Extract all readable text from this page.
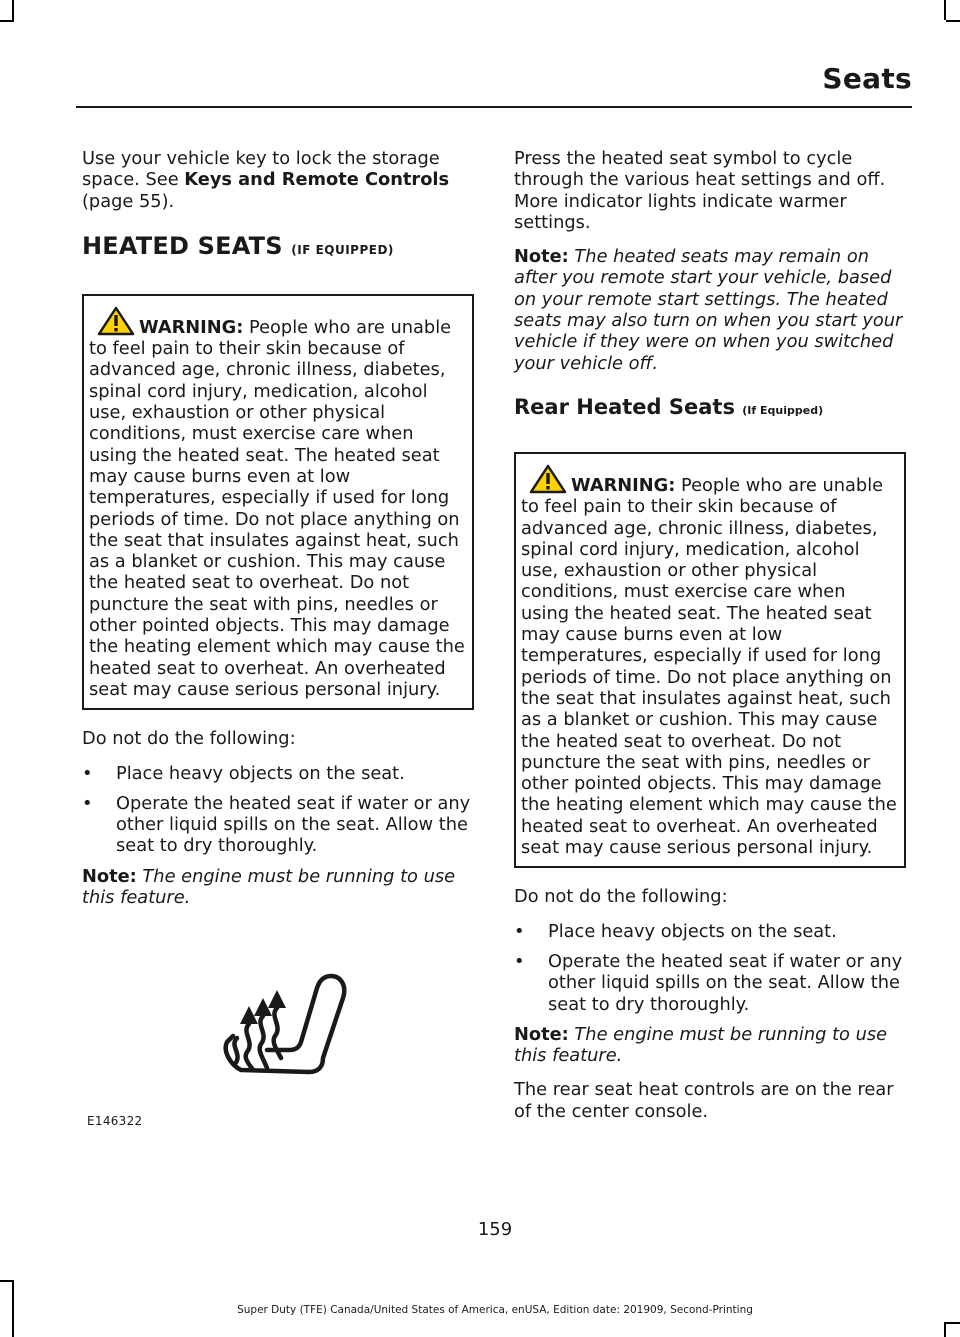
Seats

Use your vehicle key to lock the storage space. See Keys and Remote Controls (page 55).

HEATED SEATS (IF EQUIPPED)
WARNING: People who are unable to feel pain to their skin because of advanced age, chronic illness, diabetes, spinal cord injury, medication, alcohol use, exhaustion or other physical conditions, must exercise care when using the heated seat. The heated seat may cause burns even at low temperatures, especially if used for long periods of time. Do not place anything on the seat that insulates against heat, such as a blanket or cushion. This may cause the heated seat to overheat. Do not puncture the seat with pins, needles or other pointed objects. This may damage the heating element which may cause the heated seat to overheat. An overheated seat may cause serious personal injury.

Do not do the following:

• Place heavy objects on the seat.
• Operate the heated seat if water or any other liquid spills on the seat. Allow the seat to dry thoroughly.

Note: The engine must be running to use this feature.

E146322

Press the heated seat symbol to cycle through the various heat settings and off. More indicator lights indicate warmer settings.

Note: The heated seats may remain on after you remote start your vehicle, based on your remote start settings. The heated seats may also turn on when you start your vehicle if they were on when you switched your vehicle off.

Rear Heated Seats (If Equipped)
WARNING: People who are unable to feel pain to their skin because of advanced age, chronic illness, diabetes, spinal cord injury, medication, alcohol use, exhaustion or other physical conditions, must exercise care when using the heated seat. The heated seat may cause burns even at low temperatures, especially if used for long periods of time. Do not place anything on the seat that insulates against heat, such as a blanket or cushion. This may cause the heated seat to overheat. Do not puncture the seat with pins, needles or other pointed objects. This may damage the heating element which may cause the heated seat to overheat. An overheated seat may cause serious personal injury.

Do not do the following:

• Place heavy objects on the seat.
• Operate the heated seat if water or any other liquid spills on the seat. Allow the seat to dry thoroughly.

Note: The engine must be running to use this feature.

The rear seat heat controls are on the rear of the center console.

159
Super Duty (TFE) Canada/United States of America, enUSA, Edition date: 201909, Second-Printing
